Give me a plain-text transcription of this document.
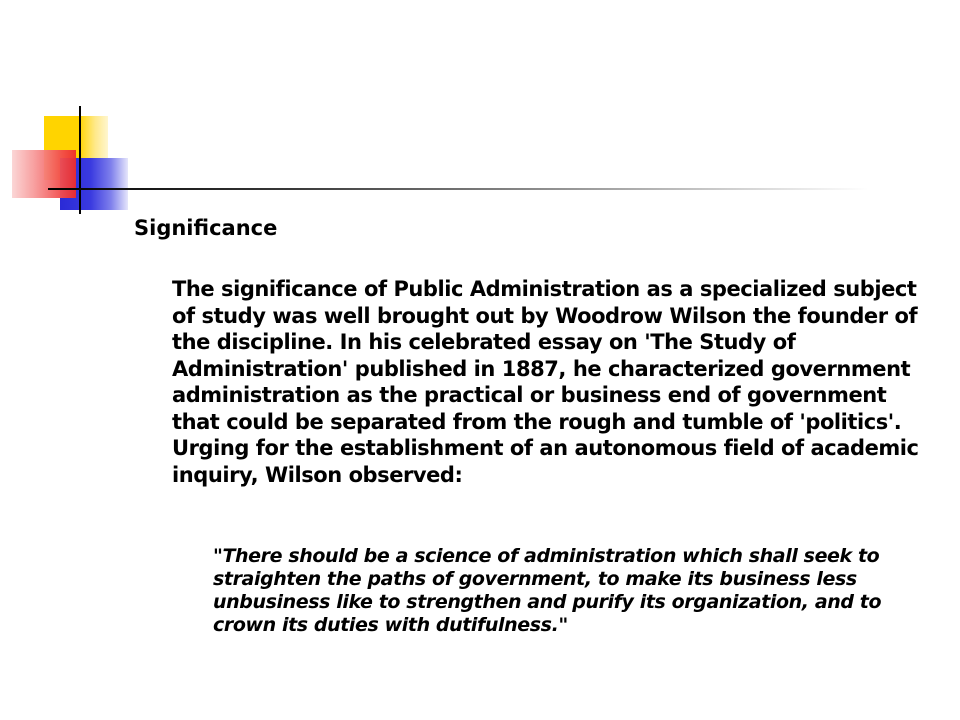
Significance

The significance of Public Administration as a specialized subject of study was well brought out by Woodrow Wilson the founder of the discipline. In his celebrated essay on 'The Study of Administration' published in 1887, he characterized government administration as the practical or business end of government that could be separated from the rough and tumble of 'politics'. Urging for the establishment of an autonomous field of academic inquiry, Wilson observed:

"There should be a science of administration which shall seek to straighten the paths of government, to make its business less unbusiness like to strengthen and purify its organization, and to crown its duties with dutifulness."
